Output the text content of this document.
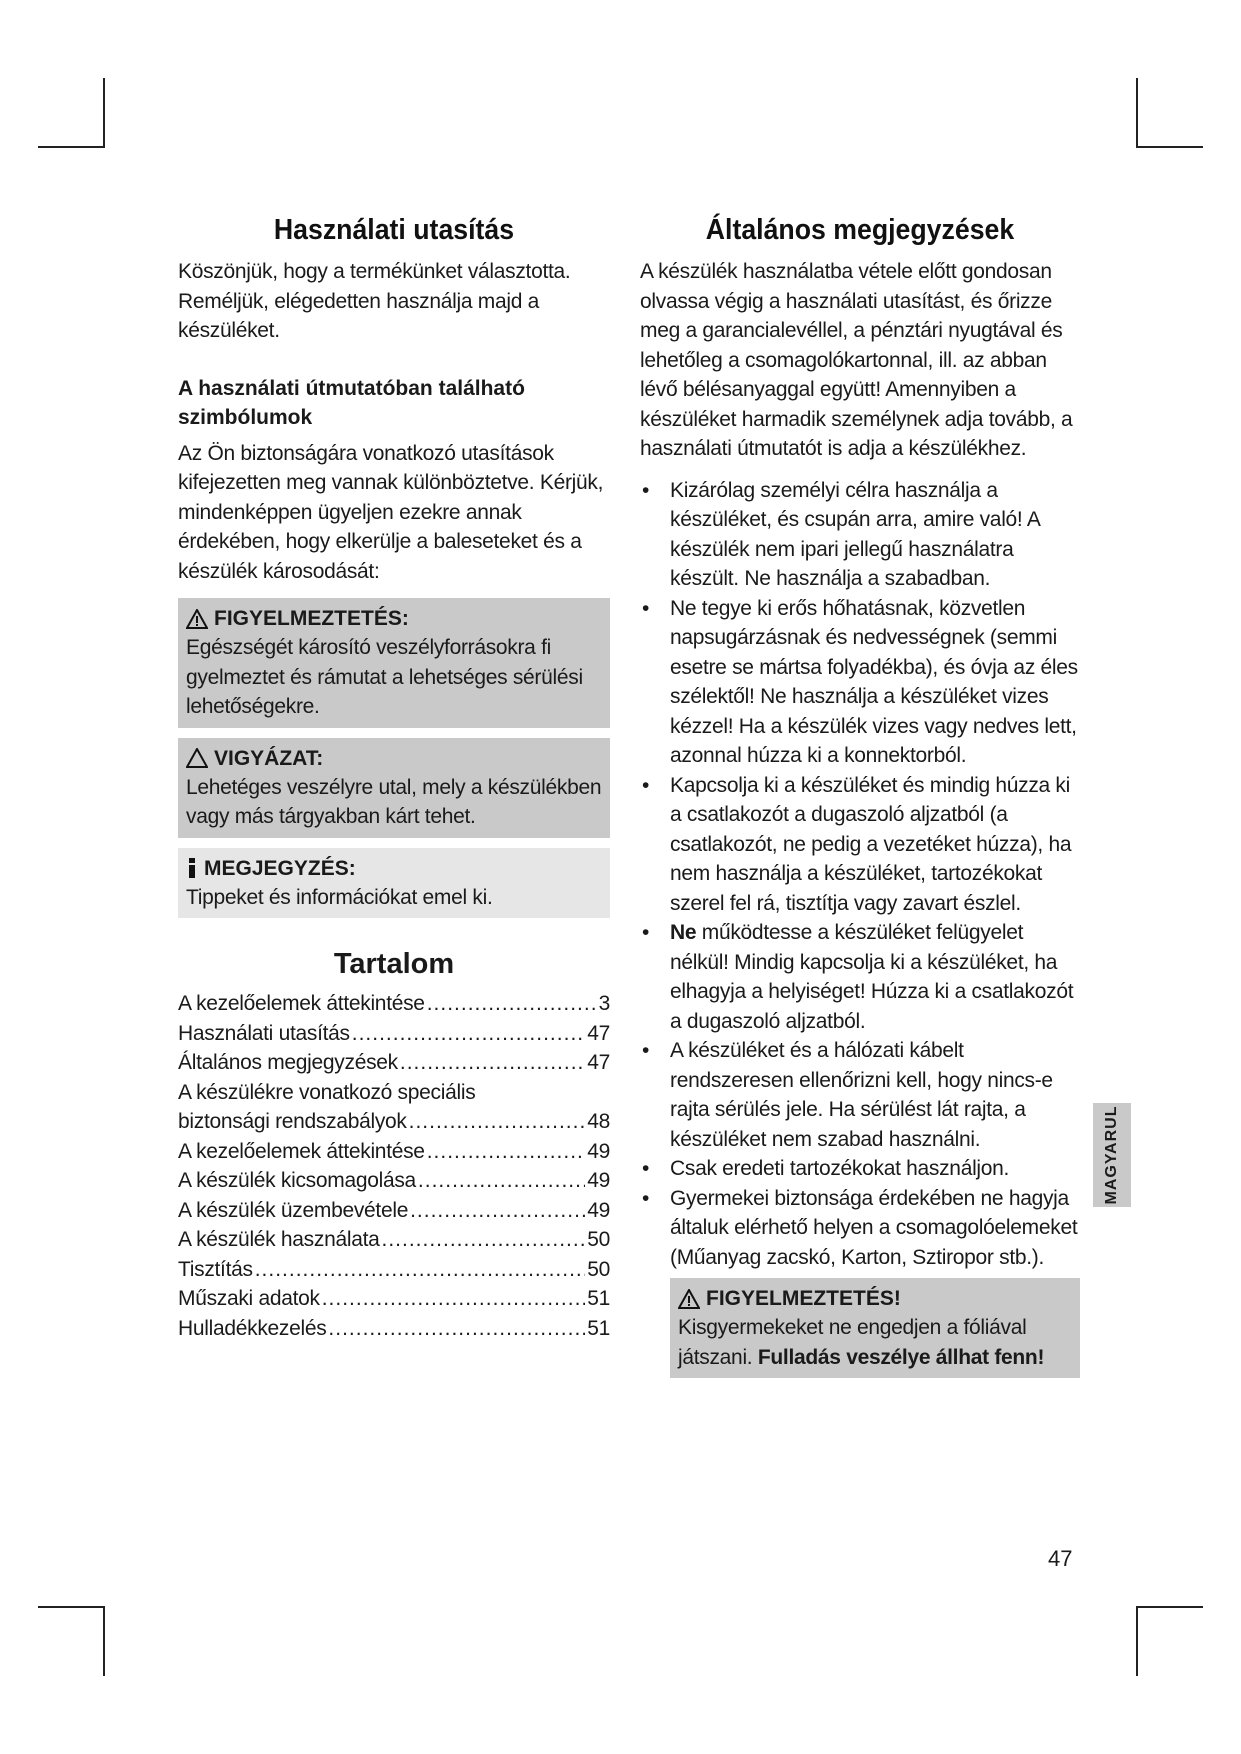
Használati utasítás

Köszönjük, hogy a termékünket választotta. Reméljük, elégedetten használja majd a készüléket.

A használati útmutatóban található szimbólumok

Az Ön biztonságára vonatkozó utasítások kifejezetten meg vannak különböztetve. Kérjük, mindenképpen ügyeljen ezekre annak érdekében, hogy elkerülje a baleseteket és a készülék károsodását:

FIGYELMEZTETÉS:
Egészségét károsító veszélyforrásokra fi gyelmeztet és rámutat a lehetséges sérülési lehetőségekre.
VIGYÁZAT:
Lehetéges veszélyre utal, mely a készülékben vagy más tárgyakban kárt tehet.
MEGJEGYZÉS:
Tippeket és információkat emel ki.
Tartalom
A kezelőelemek áttekintése .....	3
Használati utasítás .....	47
Általános megjegyzések .....	47
A készülékre vonatkozó speciális
biztonsági rendszabályok .....	48
A kezelőelemek áttekintése .....	49
A készülék kicsomagolása .....	49
A készülék üzembevétele .....	49
A készülék használata .....	50
Tisztítás .....	50
Műszaki adatok .....	51
Hulladékkezelés .....	51
Általános megjegyzések

A készülék használatba vétele előtt gondosan olvassa végig a használati utasítást, és őrizze meg a garancialevéllel, a pénztári nyugtával és lehetőleg a csomagolókartonnal, ill. az abban lévő bélésanyaggal együtt! Amennyiben a készüléket harmadik személynek adja tovább, a használati útmutatót is adja a készülékhez.

• Kizárólag személyi célra használja a készüléket, és csupán arra, amire való! A készülék nem ipari jellegű használatra készült. Ne használja a szabadban.
• Ne tegye ki erős hőhatásnak, közvetlen napsugárzásnak és nedvességnek (semmi esetre se mártsa folyadékba), és óvja az éles szélektől! Ne használja a készüléket vizes kézzel! Ha a készülék vizes vagy nedves lett, azonnal húzza ki a konnektorból.
• Kapcsolja ki a készüléket és mindig húzza ki a csatlakozót a dugaszoló aljzatból (a csatlakozót, ne pedig a vezetéket húzza), ha nem használja a készüléket, tartozékokat szerel fel rá, tisztítja vagy zavart észlel.
• Ne működtesse a készüléket felügyelet nélkül! Mindig kapcsolja ki a készüléket, ha elhagyja a helyiséget! Húzza ki a csatlakozót a dugaszoló aljzatból.
• A készüléket és a hálózati kábelt rendszeresen ellenőrizni kell, hogy nincs-e rajta sérülés jele. Ha sérülést lát rajta, a készüléket nem szabad használni.
• Csak eredeti tartozékokat használjon.
• Gyermekei biztonsága érdekében ne hagyja általuk elérhető helyen a csomagolóelemeket (Műanyag zacskó, Karton, Sztiropor stb.).
FIGYELMEZTETÉS!
Kisgyermekeket ne engedjen a fóliával játszani. Fulladás veszélye állhat fenn!
MAGYARUL
47
